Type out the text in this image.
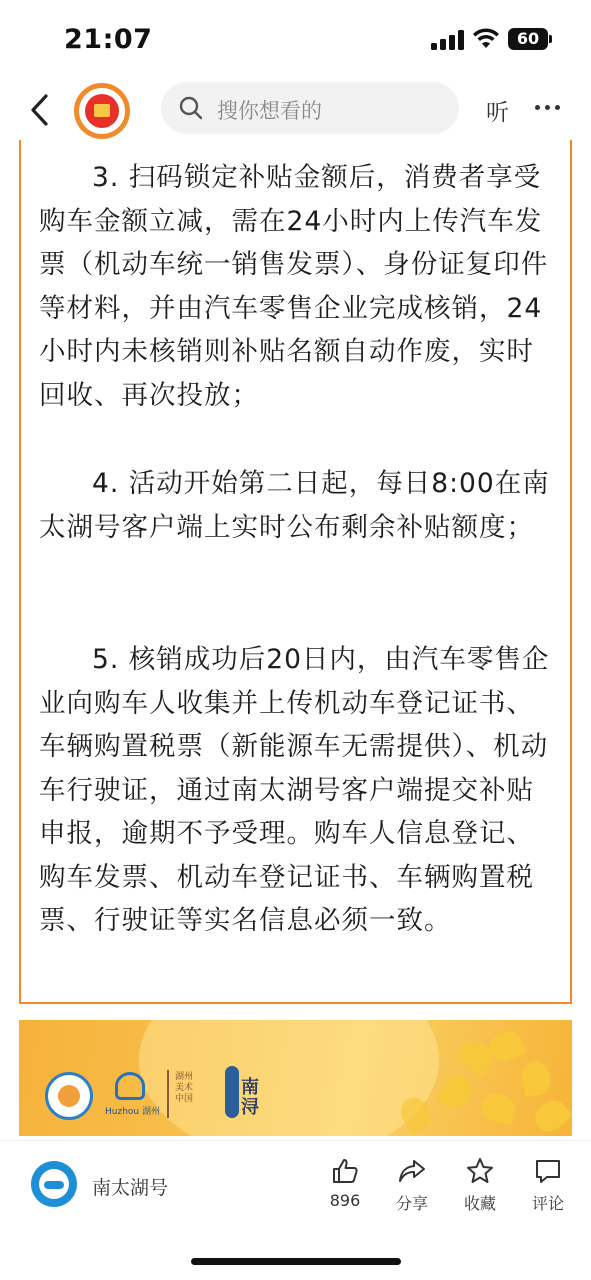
21:07	60
搜你想看的	听

3. 扫码锁定补贴金额后，消费者享受购车金额立减，需在24小时内上传汽车发票（机动车统一销售发票）、身份证复印件等材料，并由汽车零售企业完成核销，24小时内未核销则补贴名额自动作废，实时回收、再次投放；

4. 活动开始第二日起，每日8:00在南太湖号客户端上实时公布剩余补贴额度；

5. 核销成功后20日内，由汽车零售企业向购车人收集并上传机动车登记证书、车辆购置税票（新能源车无需提供）、机动车行驶证，通过南太湖号客户端提交补贴申报，逾期不予受理。购车人信息登记、购车发票、机动车登记证书、车辆购置税票、行驶证等实名信息必须一致。

Huzhou 湖州
湖州美术中国
南浔
南太湖号
896	分享	收藏	评论
